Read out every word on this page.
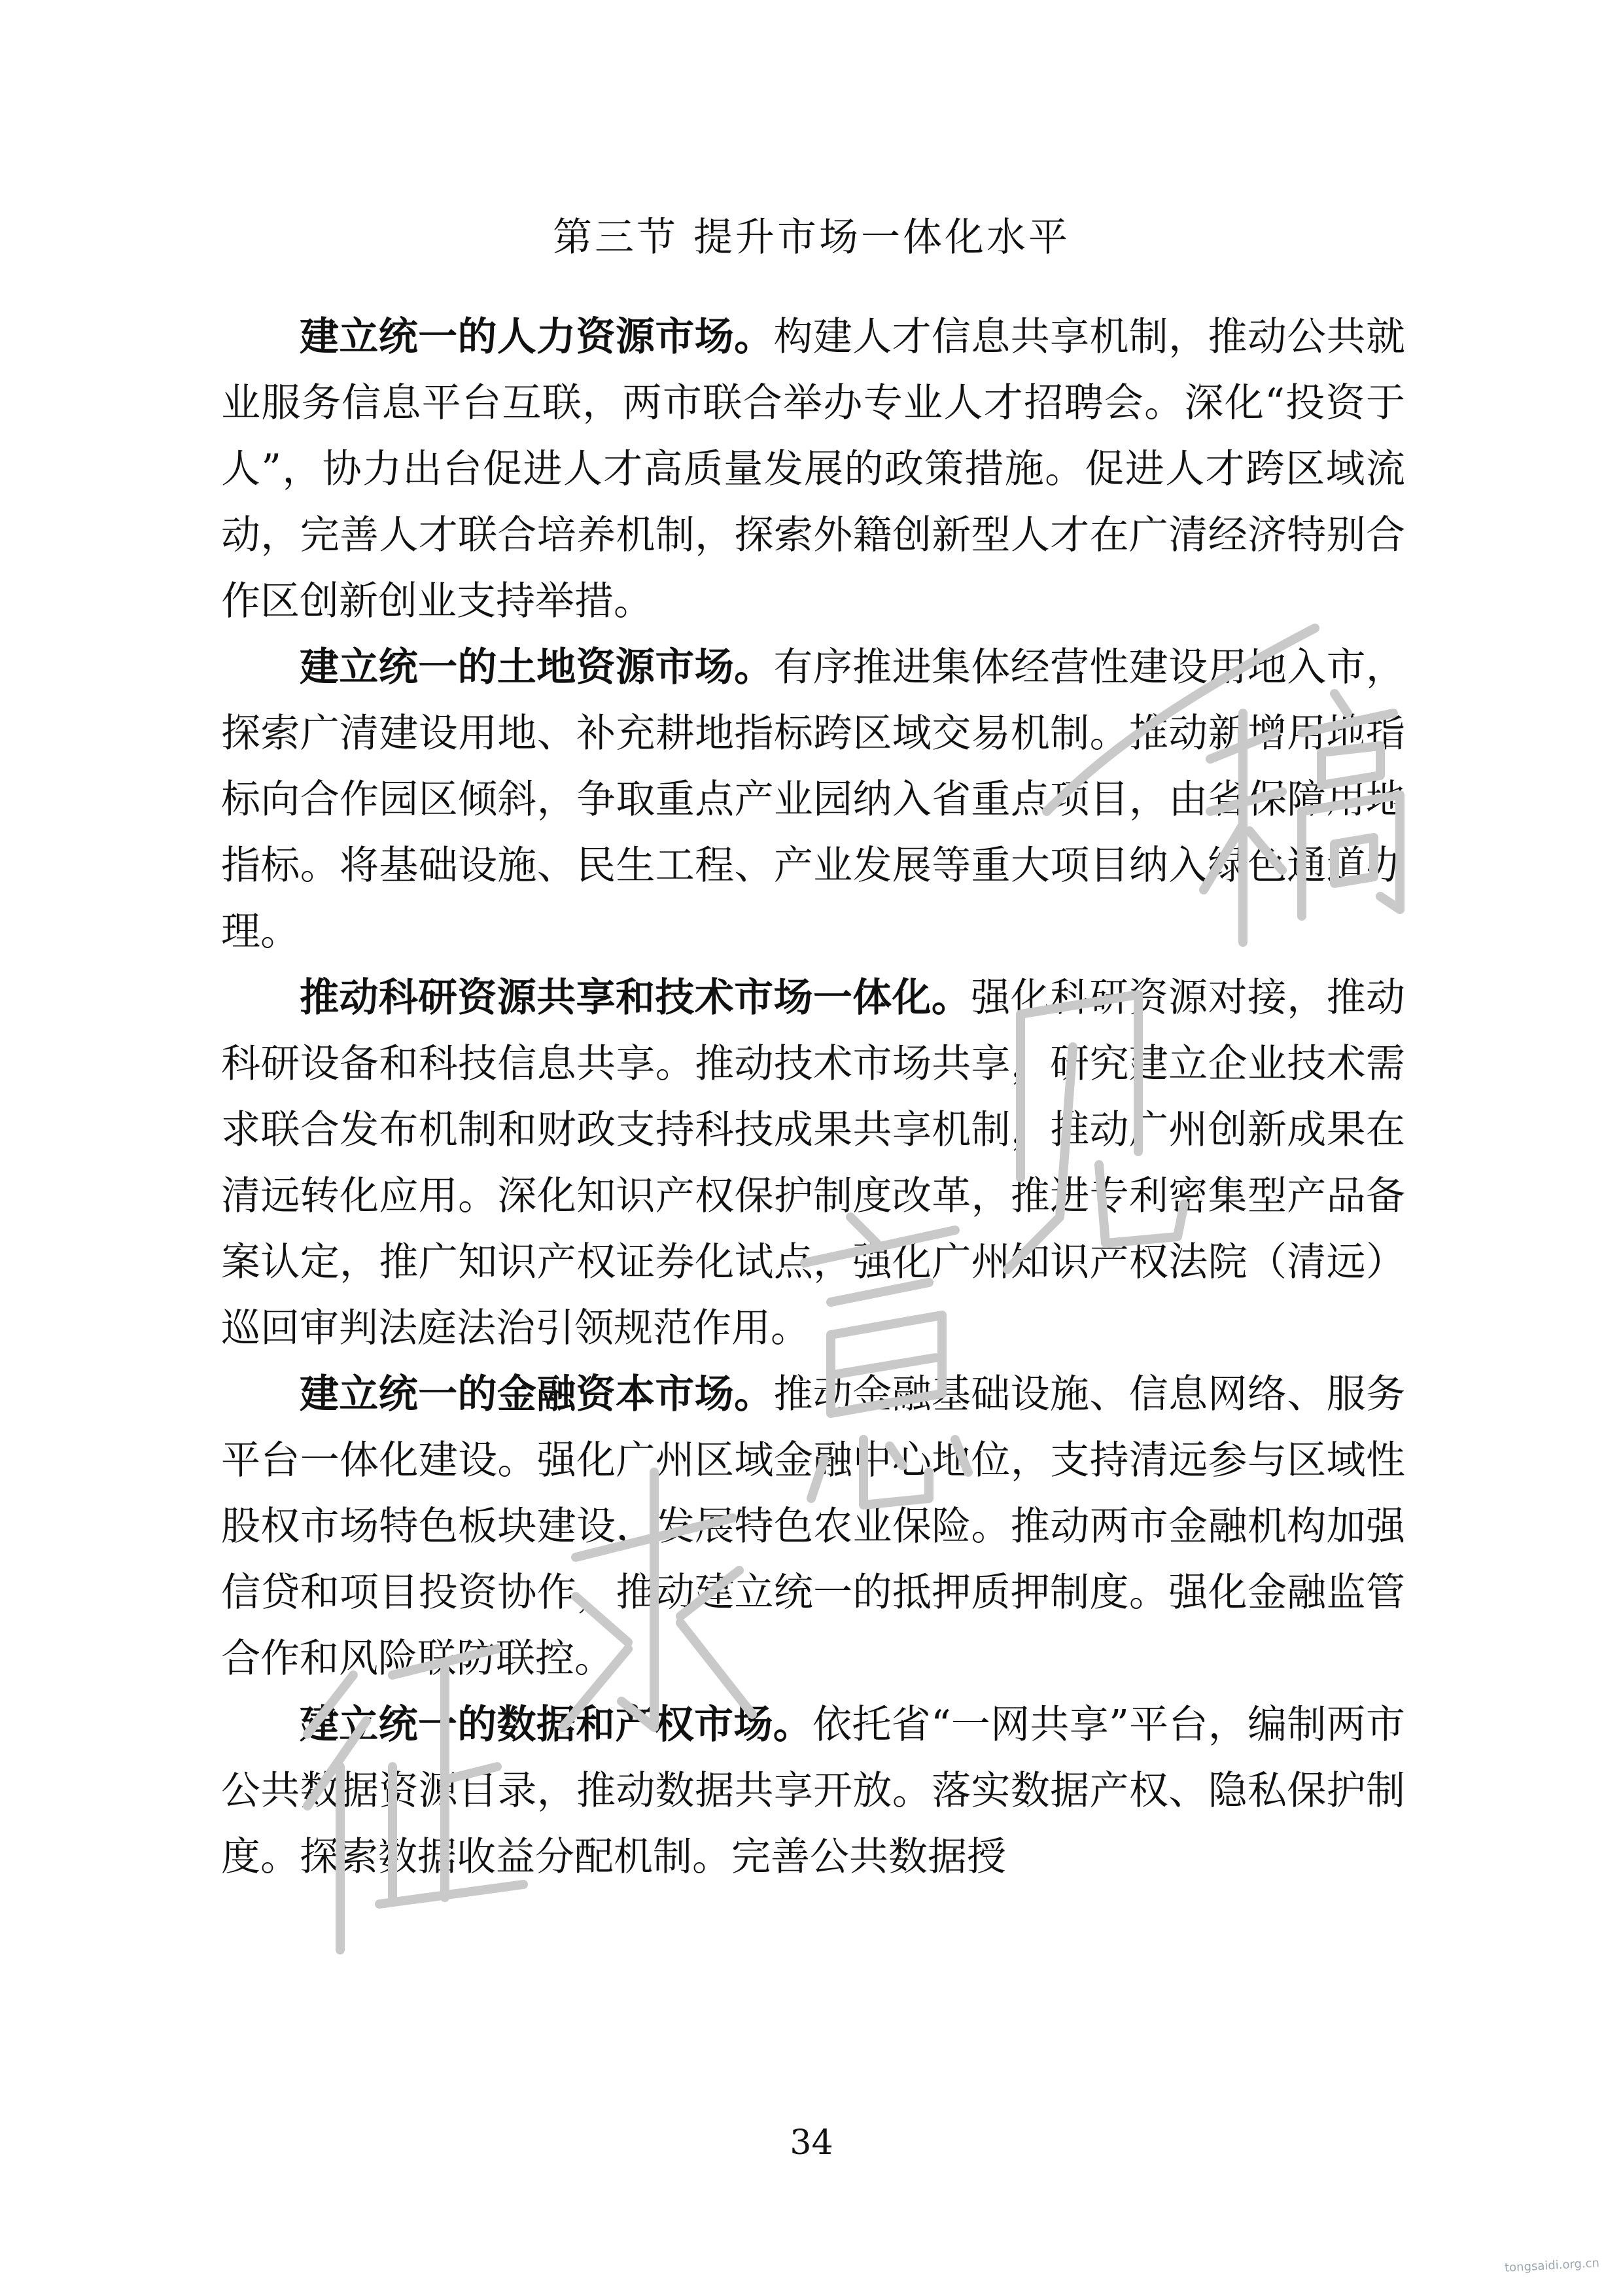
第三节 提升市场一体化水平

建立统一的人力资源市场。构建人才信息共享机制，推动公共就业服务信息平台互联，两市联合举办专业人才招聘会。深化“投资于人”，协力出台促进人才高质量发展的政策措施。促进人才跨区域流动，完善人才联合培养机制，探索外籍创新型人才在广清经济特别合作区创新创业支持举措。

建立统一的土地资源市场。有序推进集体经营性建设用地入市，探索广清建设用地、补充耕地指标跨区域交易机制。推动新增用地指标向合作园区倾斜，争取重点产业园纳入省重点项目，由省保障用地指标。将基础设施、民生工程、产业发展等重大项目纳入绿色通道办理。

推动科研资源共享和技术市场一体化。强化科研资源对接，推动科研设备和科技信息共享。推动技术市场共享，研究建立企业技术需求联合发布机制和财政支持科技成果共享机制，推动广州创新成果在清远转化应用。深化知识产权保护制度改革，推进专利密集型产品备案认定，推广知识产权证券化试点，强化广州知识产权法院（清远）巡回审判法庭法治引领规范作用。

建立统一的金融资本市场。推动金融基础设施、信息网络、服务平台一体化建设。强化广州区域金融中心地位，支持清远参与区域性股权市场特色板块建设，发展特色农业保险。推动两市金融机构加强信贷和项目投资协作，推动建立统一的抵押质押制度。强化金融监管合作和风险联防联控。

建立统一的数据和产权市场。依托省“一网共享”平台，编制两市公共数据资源目录，推动数据共享开放。落实数据产权、隐私保护制度。探索数据收益分配机制。完善公共数据授

34
tongsaidi.org.cn
